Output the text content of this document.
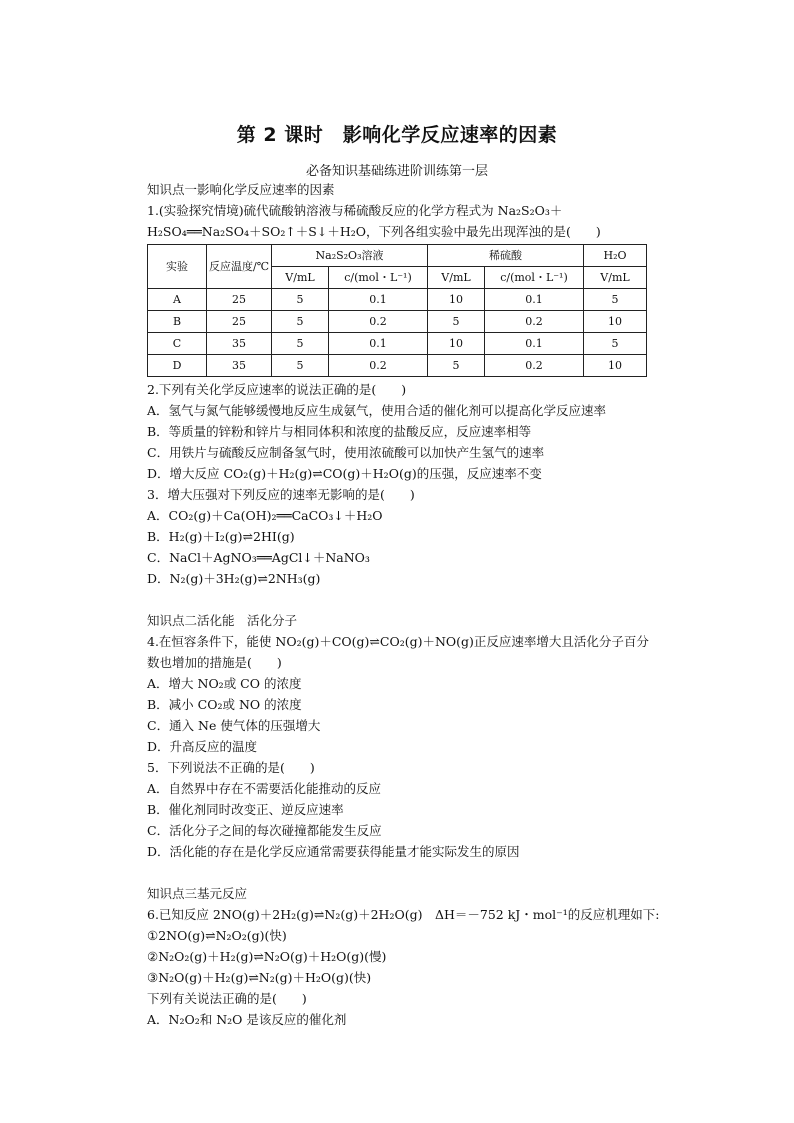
第 2 课时　影响化学反应速率的因素
必备知识基础练进阶训练第一层

知识点一影响化学反应速率的因素

1.(实验探究情境)硫代硫酸钠溶液与稀硫酸反应的化学方程式为 Na₂S₂O₃＋

H₂SO₄══Na₂SO₄＋SO₂↑＋S↓＋H₂O，下列各组实验中最先出现浑浊的是(　　)

实验	反应温度/℃	Na₂S₂O₃溶液		稀硫酸		H₂O
		V/mL	c/(mol・L⁻¹)	V/mL	c/(mol・L⁻¹)	V/mL
A	25	5	0.1	10	0.1	5
B	25	5	0.2	5	0.2	10
C	35	5	0.1	10	0.1	5
D	35	5	0.2	5	0.2	10

2.下列有关化学反应速率的说法正确的是(　　)

A．氢气与氮气能够缓慢地反应生成氨气，使用合适的催化剂可以提高化学反应速率

B．等质量的锌粉和锌片与相同体积和浓度的盐酸反应，反应速率相等

C．用铁片与硫酸反应制备氢气时，使用浓硫酸可以加快产生氢气的速率

D．增大反应 CO₂(g)＋H₂(g)⇌CO(g)＋H₂O(g)的压强，反应速率不变

3．增大压强对下列反应的速率无影响的是(　　)

A．CO₂(g)＋Ca(OH)₂══CaCO₃↓＋H₂O

B．H₂(g)＋I₂(g)⇌2HI(g)

C．NaCl＋AgNO₃══AgCl↓＋NaNO₃

D．N₂(g)＋3H₂(g)⇌2NH₃(g)

知识点二活化能　活化分子

4.在恒容条件下，能使 NO₂(g)＋CO(g)⇌CO₂(g)＋NO(g)正反应速率增大且活化分子百分

数也增加的措施是(　　)

A．增大 NO₂或 CO 的浓度

B．减小 CO₂或 NO 的浓度

C．通入 Ne 使气体的压强增大

D．升高反应的温度

5．下列说法不正确的是(　　)

A．自然界中存在不需要活化能推动的反应

B．催化剂同时改变正、逆反应速率

C．活化分子之间的每次碰撞都能发生反应

D．活化能的存在是化学反应通常需要获得能量才能实际发生的原因

知识点三基元反应

6.已知反应 2NO(g)＋2H₂(g)⇌N₂(g)＋2H₂O(g)　ΔH＝－752 kJ・mol⁻¹的反应机理如下:

①2NO(g)⇌N₂O₂(g)(快)

②N₂O₂(g)＋H₂(g)⇌N₂O(g)＋H₂O(g)(慢)

③N₂O(g)＋H₂(g)⇌N₂(g)＋H₂O(g)(快)

下列有关说法正确的是(　　)

A．N₂O₂和 N₂O 是该反应的催化剂
